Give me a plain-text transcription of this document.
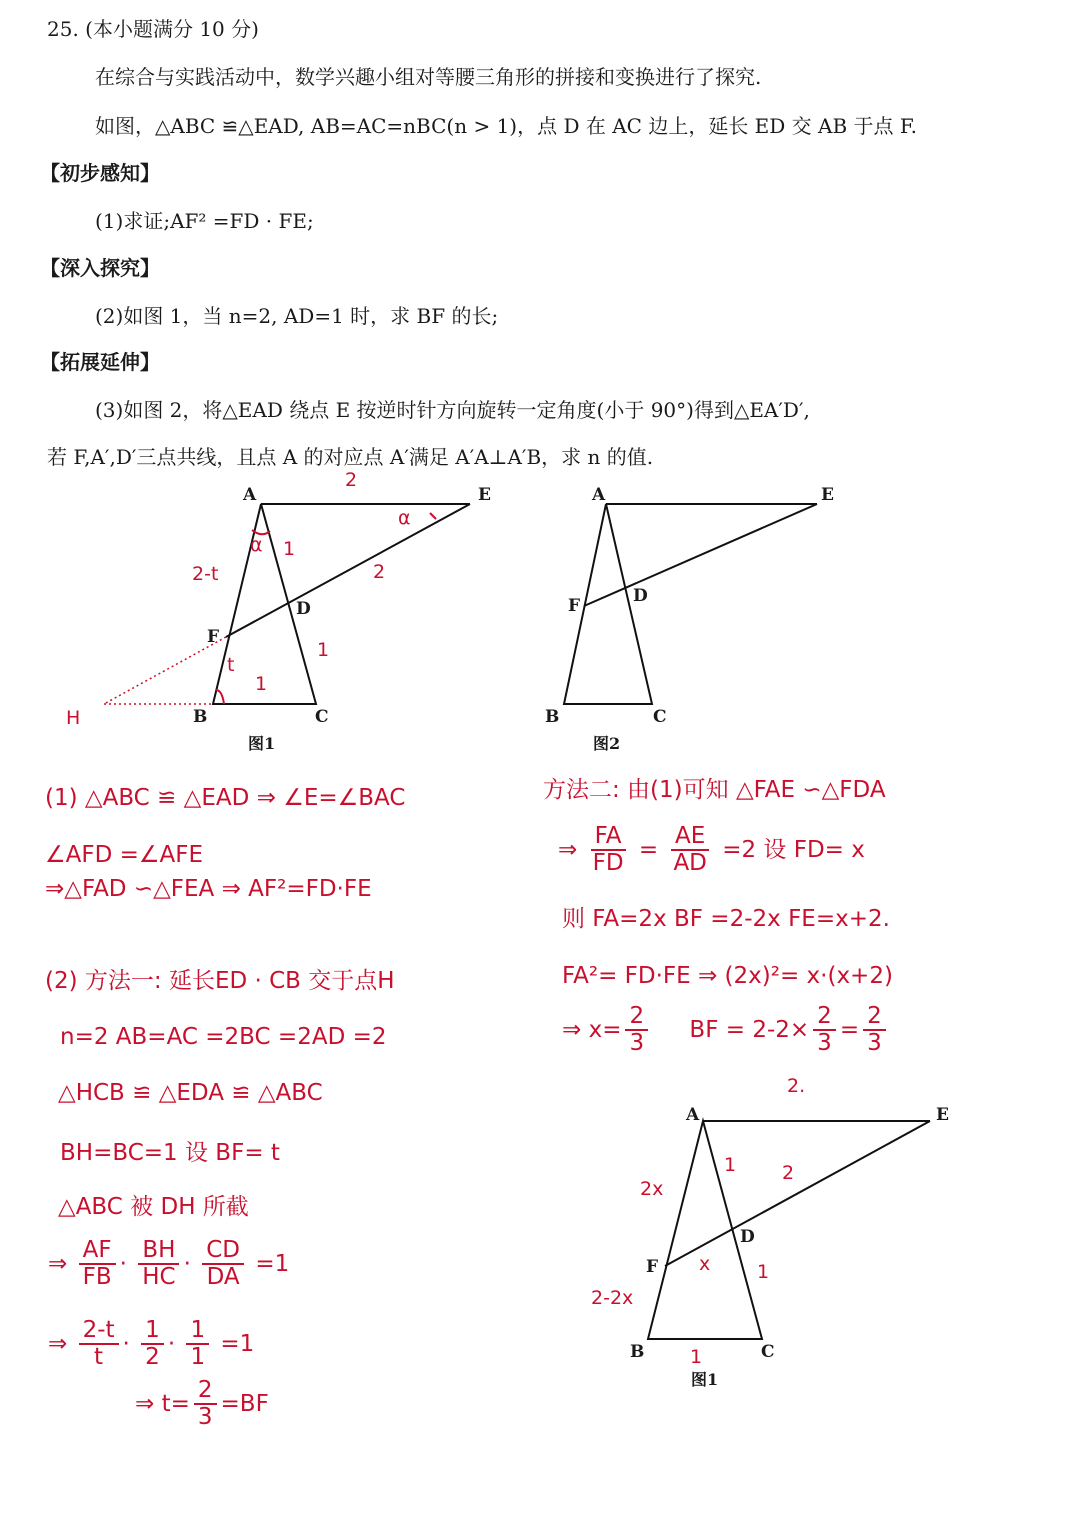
25. (本小题满分 10 分)
在综合与实践活动中，数学兴趣小组对等腰三角形的拼接和变换进行了探究.
如图，△ABC ≌△EAD, AB=AC=nBC(n > 1)，点 D 在 AC 边上，延长 ED 交 AB 于点 F.
【初步感知】
(1)求证;AF² =FD · FE;
【深入探究】
(2)如图 1，当 n=2, AD=1 时，求 BF 的长;
【拓展延伸】
(3)如图 2，将△EAD 绕点 E 按逆时针方向旋转一定角度(小于 90°)得到△EA′D′,
若 F,A′,D′三点共线，且点 A 的对应点 A′满足 A′A⊥A′B，求 n 的值.
A	E
D
F
B	C
H
2
1
2
1
2-t
t
1
α
α
图1
A	E
D
F
B	C
图2
A	E
D
F
B	C
2.
1 2
1
2x
x
2-2x
1
图1
(1) △ABC ≌ △EAD ⇒ ∠E=∠BAC
∠AFD =∠AFE
⇒△FAD ∽△FEA ⇒ AF²=FD·FE
(2) 方法一: 延长ED · CB 交于点H
n=2 AB=AC =2BC =2AD =2
△HCB ≌ △EDA ≌ △ABC
BH=BC=1 设 BF= t
△ABC 被 DH 所截
⇒ $\frac{AF}{FB} \cdot \frac{BH}{HC} \cdot \frac{CD}{DA} =1$
⇒ $\frac{2-t}{t} \cdot \frac{1}{2} \cdot \frac{1}{1} =1$
⇒ $t= \frac{2}{3} =BF$
方法二: 由(1)可知 △FAE ∽△FDA
⇒ $\frac{FA}{FD} = \frac{AE}{AD} =2$ 设 FD= x
则 FA=2x BF =2-2x FE=x+2.
FA²= FD·FE ⇒ (2x)²= x·(x+2)
⇒ $x= \frac{2}{3}$ BF = $2-2\times \frac{2}{3} = \frac{2}{3}$
